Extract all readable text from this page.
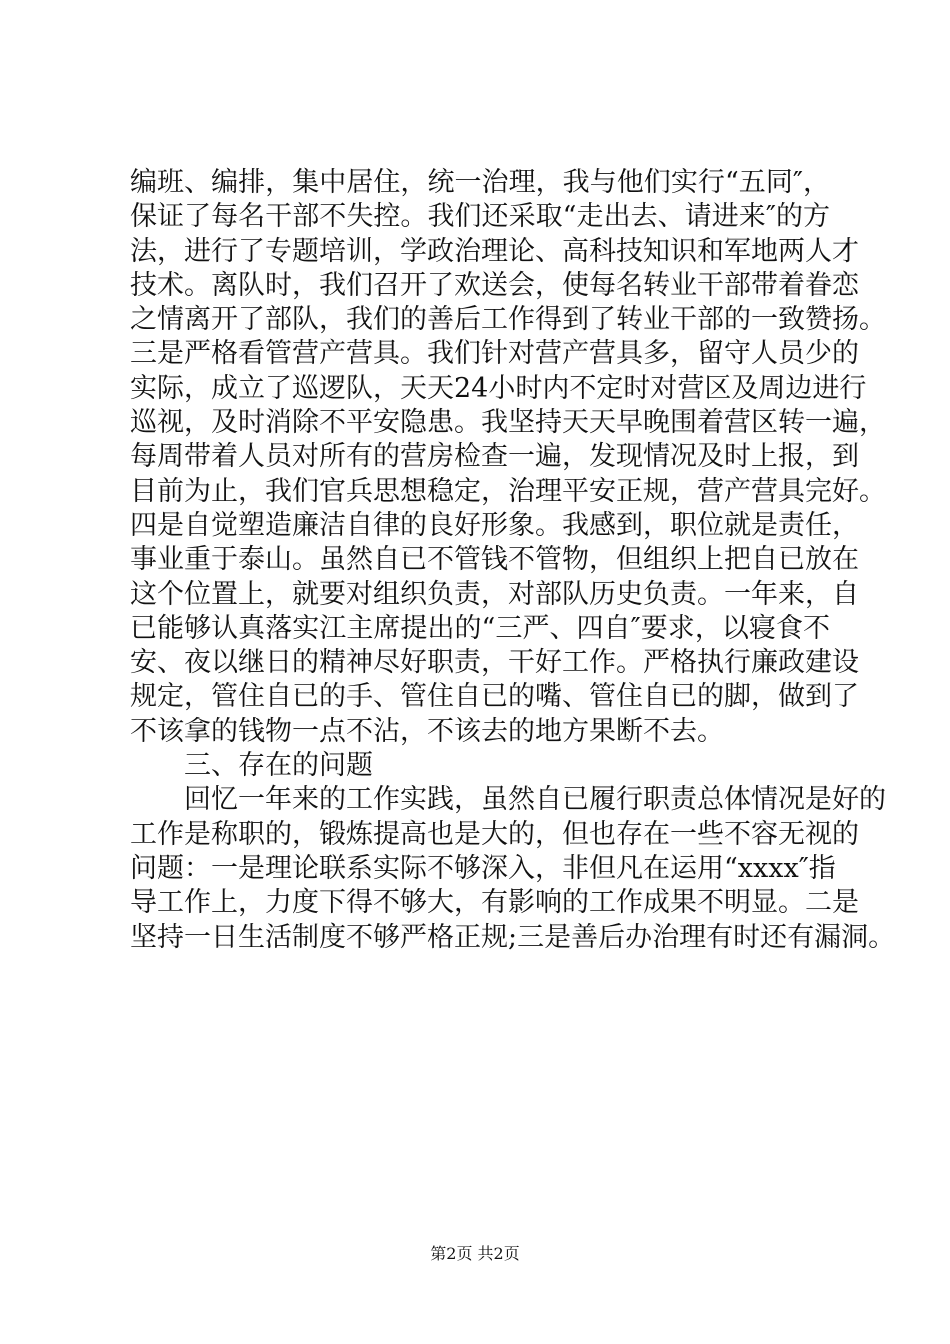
编班、编排，集中居住，统一治理，我与他们实行“五同″，
保证了每名干部不失控。我们还采取“走出去、请进来″的方
法，进行了专题培训，学政治理论、高科技知识和军地两人才
技术。离队时，我们召开了欢送会，使每名转业干部带着眷恋
之情离开了部队，我们的善后工作得到了转业干部的一致赞扬。
三是严格看管营产营具。我们针对营产营具多，留守人员少的
实际，成立了巡逻队，天天24小时内不定时对营区及周边进行
巡视，及时消除不平安隐患。我坚持天天早晚围着营区转一遍，
每周带着人员对所有的营房检查一遍，发现情况及时上报，到
目前为止，我们官兵思想稳定，治理平安正规，营产营具完好。
四是自觉塑造廉洁自律的良好形象。我感到，职位就是责任，
事业重于泰山。虽然自已不管钱不管物，但组织上把自已放在
这个位置上，就要对组织负责，对部队历史负责。一年来，自
已能够认真落实江主席提出的“三严、四自″要求，以寝食不
安、夜以继日的精神尽好职责，干好工作。严格执行廉政建设
规定，管住自已的手、管住自已的嘴、管住自已的脚，做到了
不该拿的钱物一点不沾，不该去的地方果断不去。
三、存在的问题
回忆一年来的工作实践，虽然自已履行职责总体情况是好的
工作是称职的，锻炼提高也是大的，但也存在一些不容无视的
问题：一是理论联系实际不够深入，非但凡在运用“xxxx″指
导工作上，力度下得不够大，有影响的工作成果不明显。二是
坚持一日生活制度不够严格正规;三是善后办治理有时还有漏洞。
第2页 共2页
